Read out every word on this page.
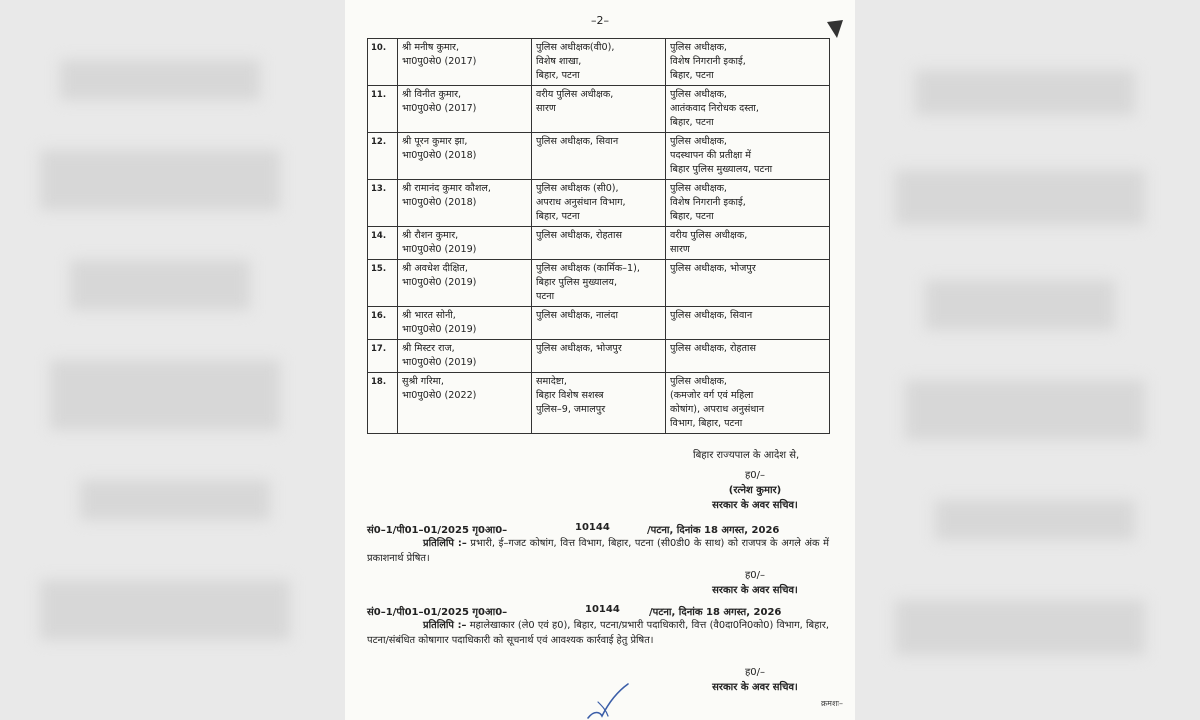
–2–
10.	श्री मनीष कुमार,
भा0पु0से0 (2017)	पुलिस अधीक्षक(वी0),
विशेष शाखा,
बिहार, पटना	पुलिस अधीक्षक,
विशेष निगरानी इकाई,
बिहार, पटना
11.	श्री विनीत कुमार,
भा0पु0से0 (2017)	वरीय पुलिस अधीक्षक,
सारण	पुलिस अधीक्षक,
आतंकवाद निरोधक दस्ता,
बिहार, पटना
12.	श्री पूरन कुमार झा,
भा0पु0से0 (2018)	पुलिस अधीक्षक, सिवान	पुलिस अधीक्षक,
पदस्थापन की प्रतीक्षा में
बिहार पुलिस मुख्यालय, पटना
13.	श्री रामानंद कुमार कौशल,
भा0पु0से0 (2018)	पुलिस अधीक्षक (सी0),
अपराध अनुसंधान विभाग,
बिहार, पटना	पुलिस अधीक्षक,
विशेष निगरानी इकाई,
बिहार, पटना
14.	श्री रौशन कुमार,
भा0पु0से0 (2019)	पुलिस अधीक्षक, रोहतास	वरीय पुलिस अधीक्षक,
सारण
15.	श्री अवधेश दीक्षित,
भा0पु0से0 (2019)	पुलिस अधीक्षक (कार्मिक–1),
बिहार पुलिस मुख्यालय,
पटना	पुलिस अधीक्षक, भोजपुर
16.	श्री भारत सोनी,
भा0पु0से0 (2019)	पुलिस अधीक्षक, नालंदा	पुलिस अधीक्षक, सिवान
17.	श्री मिस्टर राज,
भा0पु0से0 (2019)	पुलिस अधीक्षक, भोजपुर	पुलिस अधीक्षक, रोहतास
18.	सुश्री गरिमा,
भा0पु0से0 (2022)	समादेष्टा,
बिहार विशेष सशस्त्र
पुलिस–9, जमालपुर	पुलिस अधीक्षक,
(कमजोर वर्ग एवं महिला
कोषांग), अपराध अनुसंधान
विभाग, बिहार, पटना
बिहार राज्यपाल के आदेश से,
ह0/–
(रत्नेश कुमार)
सरकार के अवर सचिव।
सं0–1/पी01–01/2025 गृ0आ0–	10144	/पटना, दिनांक 18 अगस्त, 2026
प्रतिलिपि :– प्रभारी, ई–गजट कोषांग, वित्त विभाग, बिहार, पटना (सी0डी0 के साथ) को राजपत्र के अगले अंक में प्रकाशनार्थ प्रेषित।
ह0/–
सरकार के अवर सचिव।
सं0–1/पी01–01/2025 गृ0आ0–	10144	/पटना, दिनांक 18 अगस्त, 2026
प्रतिलिपि :– महालेखाकार (ले0 एवं ह0), बिहार, पटना/प्रभारी पदाधिकारी, वित्त (वै0दा0नि0को0) विभाग, बिहार, पटना/संबंधित कोषागार पदाधिकारी को सूचनार्थ एवं आवश्यक कार्रवाई हेतु प्रेषित।
ह0/–
सरकार के अवर सचिव।
क्रमशः–
